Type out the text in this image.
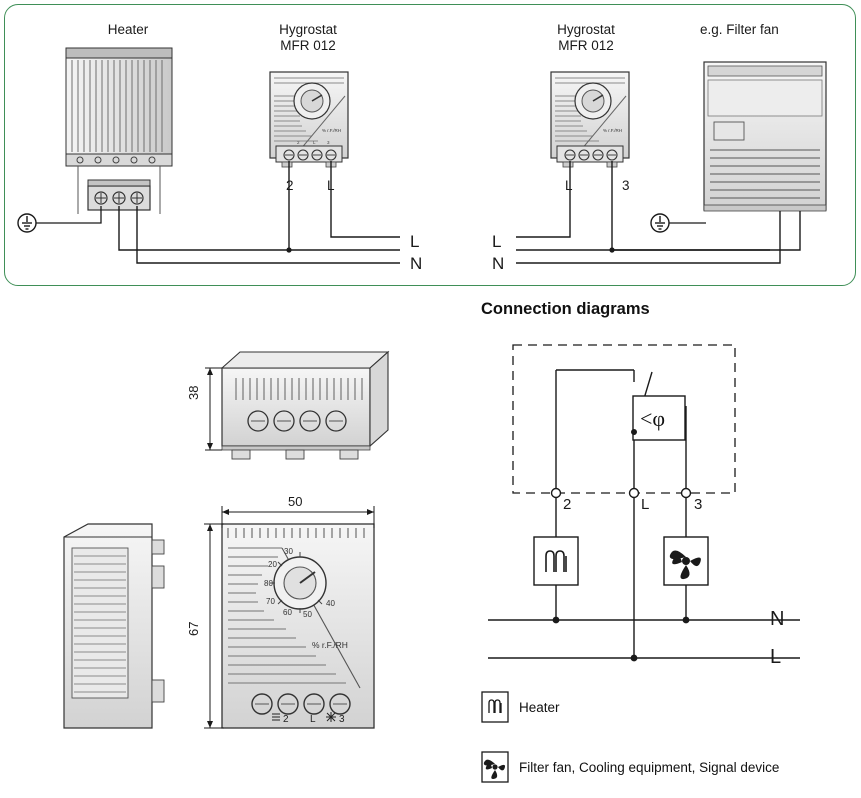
Heater	Hygrostat
MFR 012
Hygrostat
MFR 012
e.g. Filter fan
2 L	L	3
L
N
L
N
% r.F./RH
2	L	3
% r.F./RH
30
20
80
70
60 50
40
% r.F./RH
2 L 3
<φ
38
50
67
Connection diagrams
2	L	3
N
L
Heater
Filter fan, Cooling equipment, Signal device
